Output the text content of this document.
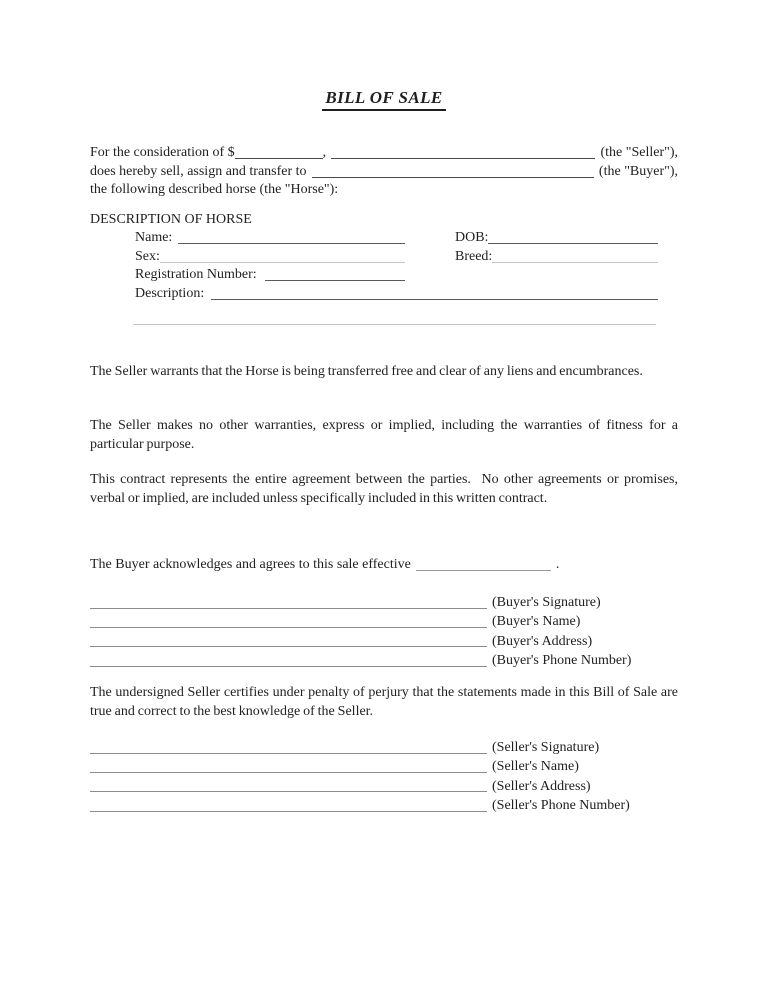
BILL OF SALE
For the consideration of $	,	(the "Seller"),
does hereby sell, assign and transfer to	(the "Buyer"),
the following described horse (the "Horse"):
DESCRIPTION OF HORSE
Name:	DOB:
Sex:	Breed:
Registration Number:
Description:
The Seller warrants that the Horse is being transferred free and clear of any liens and encumbrances.
The Seller makes no other warranties, express or implied, including the warranties of fitness for a particular purpose.
This contract represents the entire agreement between the parties.  No other agreements or promises, verbal or implied, are included unless specifically included in this written contract.
The Buyer acknowledges and agrees to this sale effective	.
(Buyer's Signature)
(Buyer's Name)
(Buyer's Address)
(Buyer's Phone Number)
The undersigned Seller certifies under penalty of perjury that the statements made in this Bill of Sale are true and correct to the best knowledge of the Seller.
(Seller's Signature)
(Seller's Name)
(Seller's Address)
(Seller's Phone Number)
